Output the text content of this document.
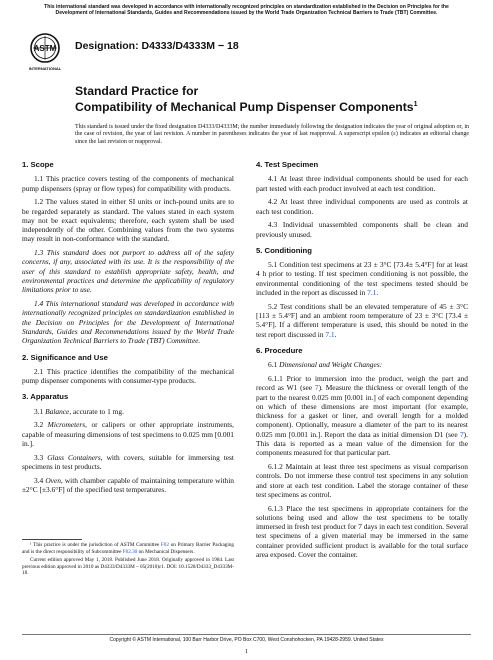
This international standard was developed in accordance with internationally recognized principles on standardization established in the Decision on Principles for the Development of International Standards, Guides and Recommendations issued by the World Trade Organization Technical Barriers to Trade (TBT) Committee.
ASTM
INTERNATIONAL
Designation: D4333/D4333M − 18

Standard Practice for

Compatibility of Mechanical Pump Dispenser Components$^1$

This standard is issued under the fixed designation D4333/D4333M; the number immediately following the designation indicates the year of original adoption or, in the case of revision, the year of last revision. A number in parentheses indicates the year of last reapproval. A superscript epsilon (ε) indicates an editorial change since the last revision or reapproval.

1. Scope

1.1 This practice covers testing of the components of mechanical pump dispensers (spray or flow types) for compatibility with products.

1.2 The values stated in either SI units or inch-pound units are to be regarded separately as standard. The values stated in each system may not be exact equivalents; therefore, each system shall be used independently of the other. Combining values from the two systems may result in non-conformance with the standard.

1.3 This standard does not purport to address all of the safety concerns, if any, associated with its use. It is the responsibility of the user of this standard to establish appropriate safety, health, and environmental practices and determine the applicability of regulatory limitations prior to use.

1.4 This international standard was developed in accordance with internationally recognized principles on standardization established in the Decision on Principles for the Development of International Standards, Guides and Recommendations issued by the World Trade Organization Technical Barriers to Trade (TBT) Committee.

2. Significance and Use

2.1 This practice identifies the compatibility of the mechanical pump dispenser components with consumer-type products.

3. Apparatus

3.1 Balance, accurate to 1 mg.

3.2 Micrometers, or calipers or other appropriate instruments, capable of measuring dimensions of test specimens to 0.025 mm [0.001 in.].

3.3 Glass Containers, with covers, suitable for immersing test specimens in test products.

3.4 Oven, with chamber capable of maintaining temperature within ±2°C [±3.6°F] of the specified test temperatures.

¹ This practice is under the jurisdiction of ASTM Committee F02 on Primary Barrier Packaging and is the direct responsibility of Subcommittee F02.30 on Mechanical Dispensers.

Current edition approved May 1, 2018. Published June 2018. Originally approved in 1984. Last previous edition approved in 2010 as D4333/D4333M – 05(2010)ε1. DOI: 10.1520/D4333_D4333M-18.

4. Test Specimen

4.1 At least three individual components should be used for each part tested with each product involved at each test condition.

4.2 At least three individual components are used as controls at each test condition.

4.3 Individual unassembled components shall be clean and previously unused.

5. Conditioning

5.1 Condition test specimens at 23 ± 3°C [73.4± 5.4°F] for at least 4 h prior to testing. If test specimen conditioning is not possible, the environmental conditioning of the test specimens tested should be included in the report as discussed in 7.1.

5.2 Test conditions shall be an elevated temperature of 45 ± 3°C [113 ± 5.4°F] and an ambient room temperature of 23 ± 3°C [73.4 ± 5.4°F]. If a different temperature is used, this should be noted in the test report discussed in 7.1.

6. Procedure

6.1 Dimensional and Weight Changes:

6.1.1 Prior to immersion into the product, weigh the part and record as W1 (see 7). Measure the thickness or overall length of the part to the nearest 0.025 mm [0.001 in.] of each component depending on which of these dimensions are most important (for example, thickness for a gasket or liner, and overall length for a molded component). Optionally, measure a diameter of the part to its nearest 0.025 mm [0.001 in.]. Report the data as initial dimension D1 (see 7). This data is reported as a mean value of the dimension for the components measured for that particular part.

6.1.2 Maintain at least three test specimens as visual comparison controls. Do not immerse these control test specimens in any solution and store at each test condition. Label the storage container of these test specimens as control.

6.1.3 Place the test specimens in appropriate containers for the solutions being used and allow the test specimens to be totally immersed in fresh test product for 7 days in each test condition. Several test specimens of a given material may be immersed in the same container provided sufficient product is available for the total surface area exposed. Cover the container.

Copyright © ASTM International, 100 Barr Harbor Drive, PO Box C700, West Conshohocken, PA 19428-2959. United States
1
